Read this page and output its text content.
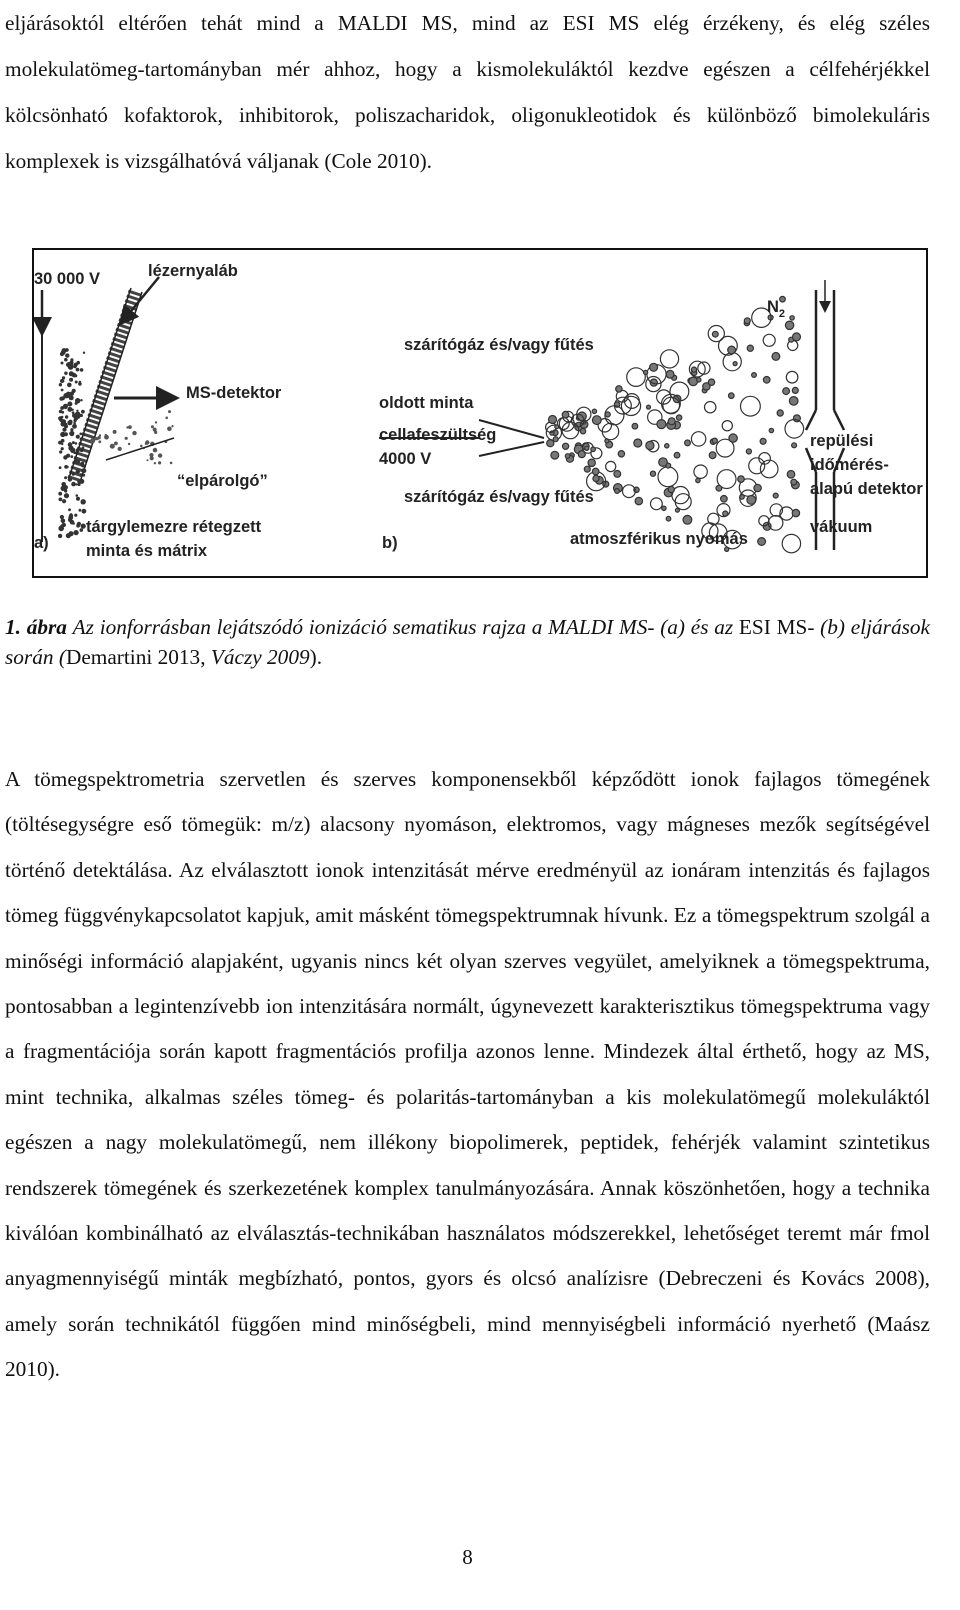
eljárásoktól eltérően tehát mind a MALDI MS, mind az ESI MS elég érzékeny, és elég széles molekulatömeg-tartományban mér ahhoz, hogy a kismolekuláktól kezdve egészen a célfehérjékkel kölcsönható kofaktorok, inhibitorok, poliszacharidok, oligonukleotidok és különböző bimolekuláris komplexek is vizsgálhatóvá váljanak (Cole 2010).
MS-detektor
30 000 V	lézernyaláb
“elpárolgó”
tárgylemezre rétegzett
minta és mátrix
a)
$N_2$
szárítógáz és/vagy fűtés
oldott minta
cellafeszültség
4000 V
szárítógáz és/vagy fűtés
repülési
időmérés-
alapú detektor
vákuum
atmoszférikus nyomás
b)
1. ábra Az ionforrásban lejátszódó ionizáció sematikus rajza a MALDI MS- (a) és az ESI MS- (b) eljárások során (Demartini 2013, Váczy 2009).
A tömegspektrometria szervetlen és szerves komponensekből képződött ionok fajlagos tömegének (töltésegységre eső tömegük: m/z) alacsony nyomáson, elektromos, vagy mágneses mezők segítségével történő detektálása. Az elválasztott ionok intenzitását mérve eredményül az ionáram intenzitás és fajlagos tömeg függvénykapcsolatot kapjuk, amit másként tömegspektrumnak hívunk. Ez a tömegspektrum szolgál a minőségi információ alapjaként, ugyanis nincs két olyan szerves vegyület, amelyiknek a tömegspektruma, pontosabban a legintenzívebb ion intenzitására normált, úgynevezett karakterisztikus tömegspektruma vagy a fragmentációja során kapott fragmentációs profilja azonos lenne. Mindezek által érthető, hogy az MS, mint technika, alkalmas széles tömeg- és polaritás-tartományban a kis molekulatömegű molekuláktól egészen a nagy molekulatömegű, nem illékony biopolimerek, peptidek, fehérjék valamint szintetikus rendszerek tömegének és szerkezetének komplex tanulmányozására. Annak köszönhetően, hogy a technika kiválóan kombinálható az elválasztás-technikában használatos módszerekkel, lehetőséget teremt már fmol anyagmennyiségű minták megbízható, pontos, gyors és olcsó analízisre (Debreczeni és Kovács 2008), amely során technikától függően mind minőségbeli, mind mennyiségbeli információ nyerhető (Maász 2010).
8
